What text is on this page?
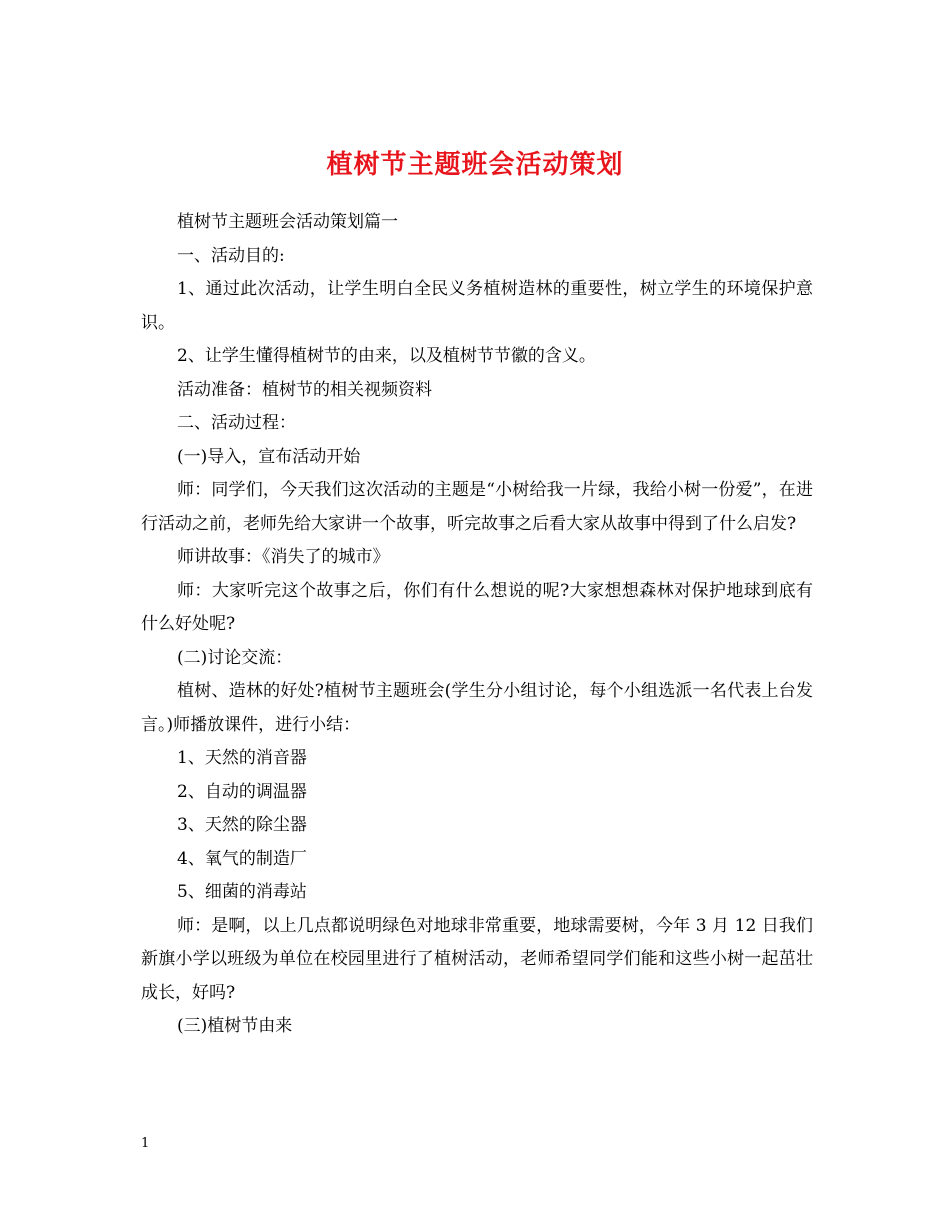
植树节主题班会活动策划

植树节主题班会活动策划篇一

一、活动目的:

1、通过此次活动，让学生明白全民义务植树造林的重要性，树立学生的环境保护意识。

2、让学生懂得植树节的由来，以及植树节节徽的含义。

活动准备：植树节的相关视频资料

二、活动过程：

(一)导入，宣布活动开始

师：同学们，今天我们这次活动的主题是“小树给我一片绿，我给小树一份爱”，在进行活动之前，老师先给大家讲一个故事，听完故事之后看大家从故事中得到了什么启发?

师讲故事：《消失了的城市》

师：大家听完这个故事之后，你们有什么想说的呢?大家想想森林对保护地球到底有什么好处呢?

(二)讨论交流：

植树、造林的好处?植树节主题班会(学生分小组讨论，每个小组选派一名代表上台发言。)师播放课件，进行小结：

1、天然的消音器

2、自动的调温器

3、天然的除尘器

4、氧气的制造厂

5、细菌的消毒站

师：是啊，以上几点都说明绿色对地球非常重要，地球需要树，今年 3 月 12 日我们新旗小学以班级为单位在校园里进行了植树活动，老师希望同学们能和这些小树一起茁壮成长，好吗?

(三)植树节由来

1
